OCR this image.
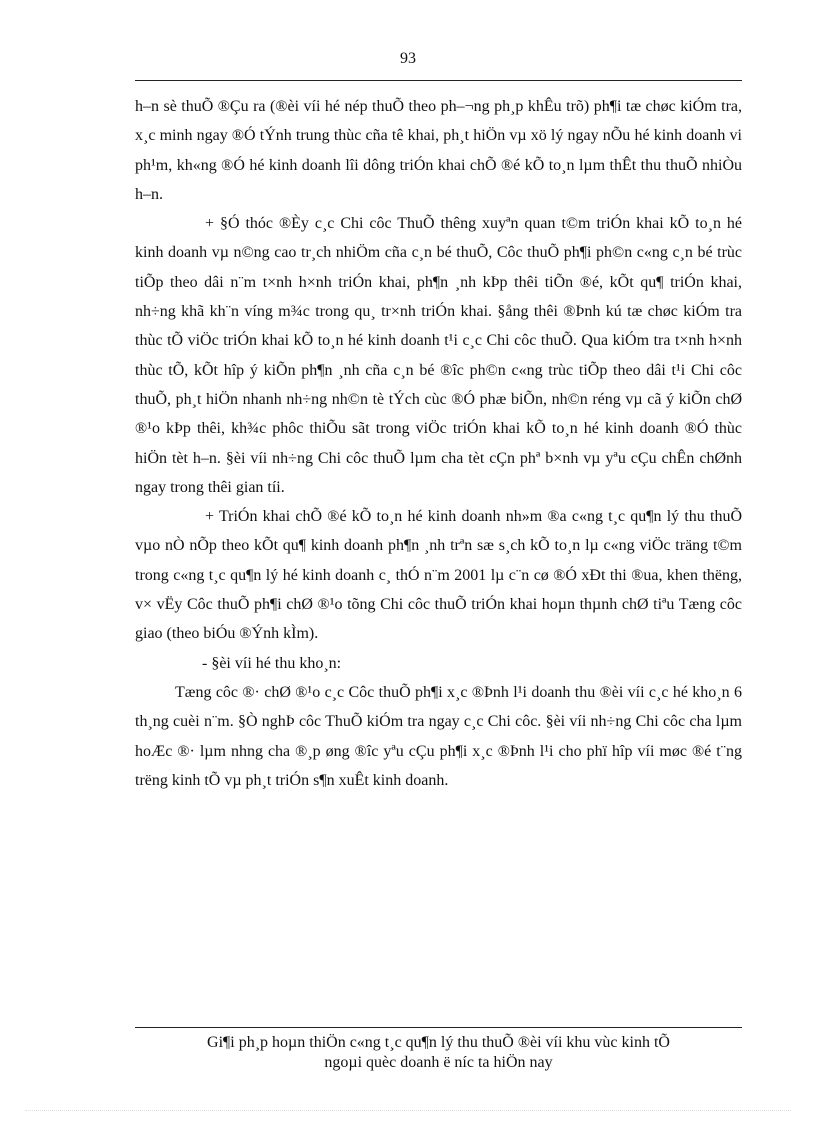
93

h–n sè thuÕ ®Çu ra (®èi víi hé nép thuÕ theo ph–¬ng ph¸p khÊu trõ) ph¶i tæ chøc kiÓm tra, x¸c minh ngay ®Ó tÝnh trung thùc cña tê khai, ph¸t hiÖn vµ xö lý ngay nÕu hé kinh doanh vi ph¹m, kh«ng ®Ó hé kinh doanh lîi dông triÓn khai chÕ ®é kÕ to¸n lµm thÊt thu thuÕ nhiÒu h–n.

+ §Ó thóc ®Èy c¸c Chi côc ThuÕ thêng xuyªn quan t©m triÓn khai kÕ to¸n hé kinh doanh vµ n©ng cao tr¸ch nhiÖm cña c¸n bé thuÕ, Côc thuÕ ph¶i ph©n c«ng c¸n bé trùc tiÕp theo dâi n¨m t×nh h×nh triÓn khai, ph¶n ¸nh kÞp thêi tiÕn ®é, kÕt qu¶ triÓn khai, nh÷ng khã kh¨n víng m¾c trong qu¸ tr×nh triÓn khai. §ång thêi ®Þnh kú tæ chøc kiÓm tra thùc tÕ viÖc triÓn khai kÕ to¸n hé kinh doanh t¹i c¸c Chi côc thuÕ. Qua kiÓm tra t×nh h×nh thùc tÕ, kÕt hîp ý kiÕn ph¶n ¸nh cña c¸n bé ®îc ph©n c«ng trùc tiÕp theo dâi t¹i Chi côc thuÕ, ph¸t hiÖn nhanh nh÷ng nh©n tè tÝch cùc ®Ó phæ biÕn, nh©n réng vµ cã ý kiÕn chØ ®¹o kÞp thêi, kh¾c phôc thiÕu sãt trong viÖc triÓn khai kÕ to¸n hé kinh doanh ®Ó thùc hiÖn tèt h–n. §èi víi nh÷ng Chi côc thuÕ lµm cha tèt cÇn phª b×nh vµ yªu cÇu chÊn chØnh ngay trong thêi gian tíi.

+ TriÓn khai chÕ ®é kÕ to¸n hé kinh doanh nh»m ®a c«ng t¸c qu¶n lý thu thuÕ vµo nÒ nÕp theo kÕt qu¶ kinh doanh ph¶n ¸nh trªn sæ s¸ch kÕ to¸n lµ c«ng viÖc träng t©m trong c«ng t¸c qu¶n lý hé kinh doanh c¸ thÓ n¨m 2001 lµ c¨n cø ®Ó xÐt thi ®ua, khen thëng, v× vËy Côc thuÕ ph¶i chØ ®¹o tõng Chi côc thuÕ triÓn khai hoµn thµnh chØ tiªu Tæng côc giao (theo biÓu ®Ýnh kÌm).

- §èi víi hé thu kho¸n:

Tæng côc ®· chØ ®¹o c¸c Côc thuÕ ph¶i x¸c ®Þnh l¹i doanh thu ®èi víi c¸c hé kho¸n 6 th¸ng cuèi n¨m. §Ò nghÞ côc ThuÕ kiÓm tra ngay c¸c Chi côc. §èi víi nh÷ng Chi côc cha lµm hoÆc ®· lµm nhng cha ®¸p øng ®îc yªu cÇu ph¶i x¸c ®Þnh l¹i cho phï hîp víi møc ®é t¨ng trëng kinh tÕ vµ ph¸t triÓn s¶n xuÊt kinh doanh.

Gi¶i ph¸p hoµn thiÖn c«ng t¸c qu¶n lý thu thuÕ ®èi víi khu vùc kinh tÕ
ngoµi quèc doanh ë níc ta hiÖn nay
